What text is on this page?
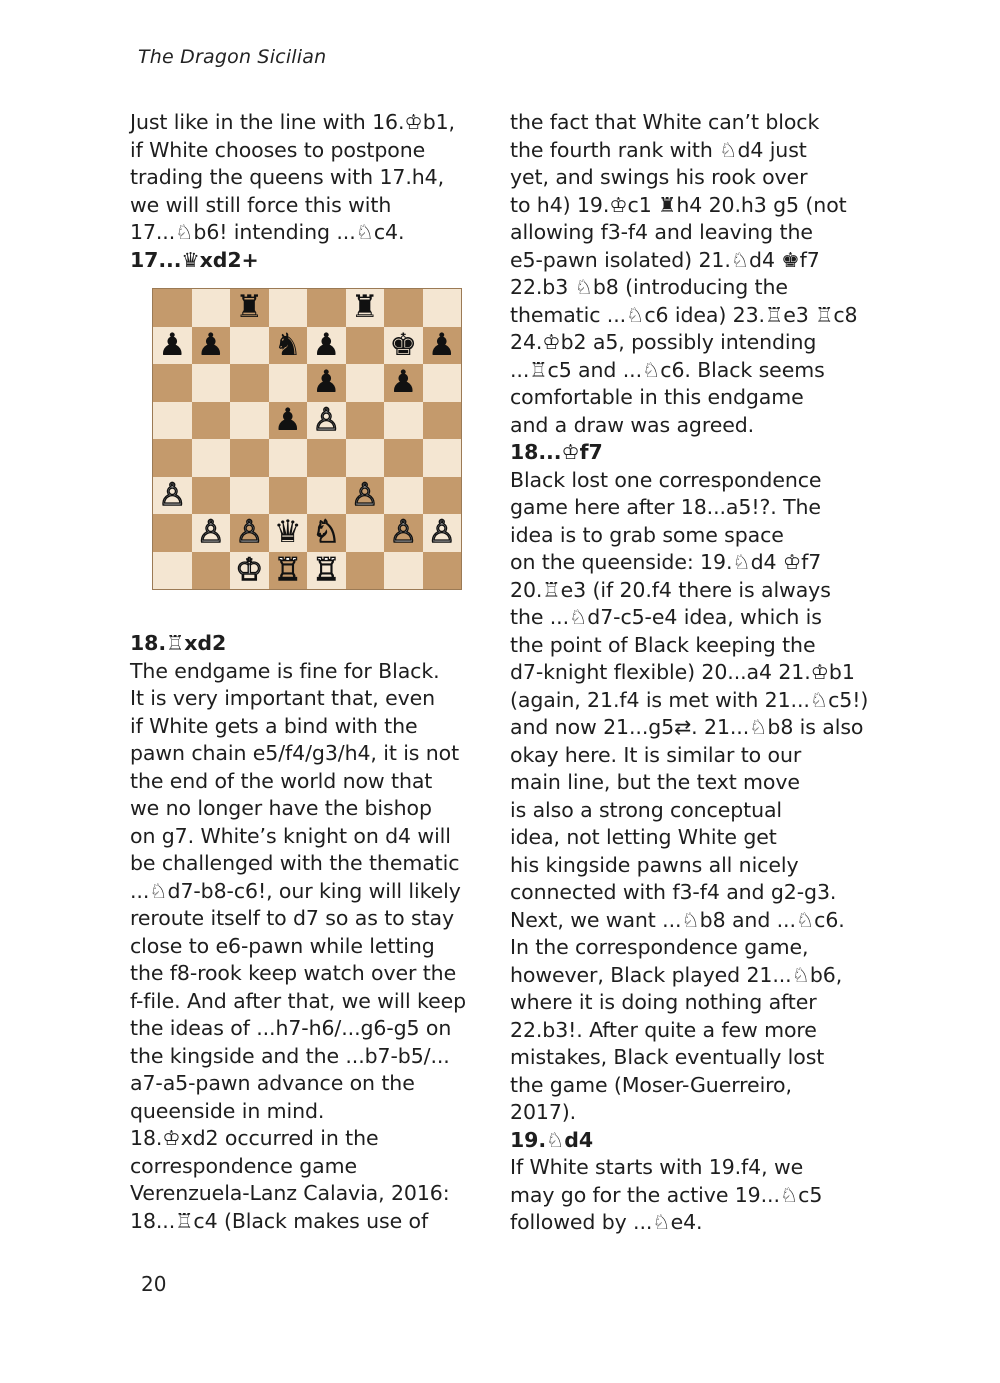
The Dragon Sicilian

Just like in the line with 16.♔b1,
if White chooses to postpone
trading the queens with 17.h4,
we will still force this with
17...♘b6! intending ...♘c4.

17...♛xd2+

♜	♜
♟ ♟ ♞ ♟ ♚ ♟
♟ ♟
♟ ♙
♙	♙
♙ ♙ ♛ ♘ ♙ ♙
♔ ♖ ♖

18.♖xd2

The endgame is fine for Black.
It is very important that, even
if White gets a bind with the
pawn chain e5/f4/g3/h4, it is not
the end of the world now that
we no longer have the bishop
on g7. White’s knight on d4 will
be challenged with the thematic
...♘d7-b8-c6!, our king will likely
reroute itself to d7 so as to stay
close to e6-pawn while letting
the f8-rook keep watch over the
f-file. And after that, we will keep
the ideas of ...h7-h6/...g6-g5 on
the kingside and the ...b7-b5/...
a7-a5-pawn advance on the
queenside in mind.
18.♔xd2 occurred in the
correspondence game
Verenzuela-Lanz Calavia, 2016:
18...♖c4 (Black makes use of

the fact that White can’t block
the fourth rank with ♘d4 just
yet, and swings his rook over
to h4) 19.♔c1 ♜h4 20.h3 g5 (not
allowing f3-f4 and leaving the
e5-pawn isolated) 21.♘d4 ♚f7
22.b3 ♘b8 (introducing the
thematic ...♘c6 idea) 23.♖e3 ♖c8
24.♔b2 a5, possibly intending
...♖c5 and ...♘c6. Black seems
comfortable in this endgame
and a draw was agreed.

18...♔f7

Black lost one correspondence
game here after 18...a5!?. The
idea is to grab some space
on the queenside: 19.♘d4 ♔f7
20.♖e3 (if 20.f4 there is always
the ...♘d7-c5-e4 idea, which is
the point of Black keeping the
d7-knight flexible) 20...a4 21.♔b1
(again, 21.f4 is met with 21...♘c5!)
and now 21...g5⇄. 21...♘b8 is also
okay here. It is similar to our
main line, but the text move
is also a strong conceptual
idea, not letting White get
his kingside pawns all nicely
connected with f3-f4 and g2-g3.
Next, we want ...♘b8 and ...♘c6.
In the correspondence game,
however, Black played 21...♘b6,
where it is doing nothing after
22.b3!. After quite a few more
mistakes, Black eventually lost
the game (Moser-Guerreiro,
2017).

19.♘d4

If White starts with 19.f4, we
may go for the active 19...♘c5
followed by ...♘e4.

20
